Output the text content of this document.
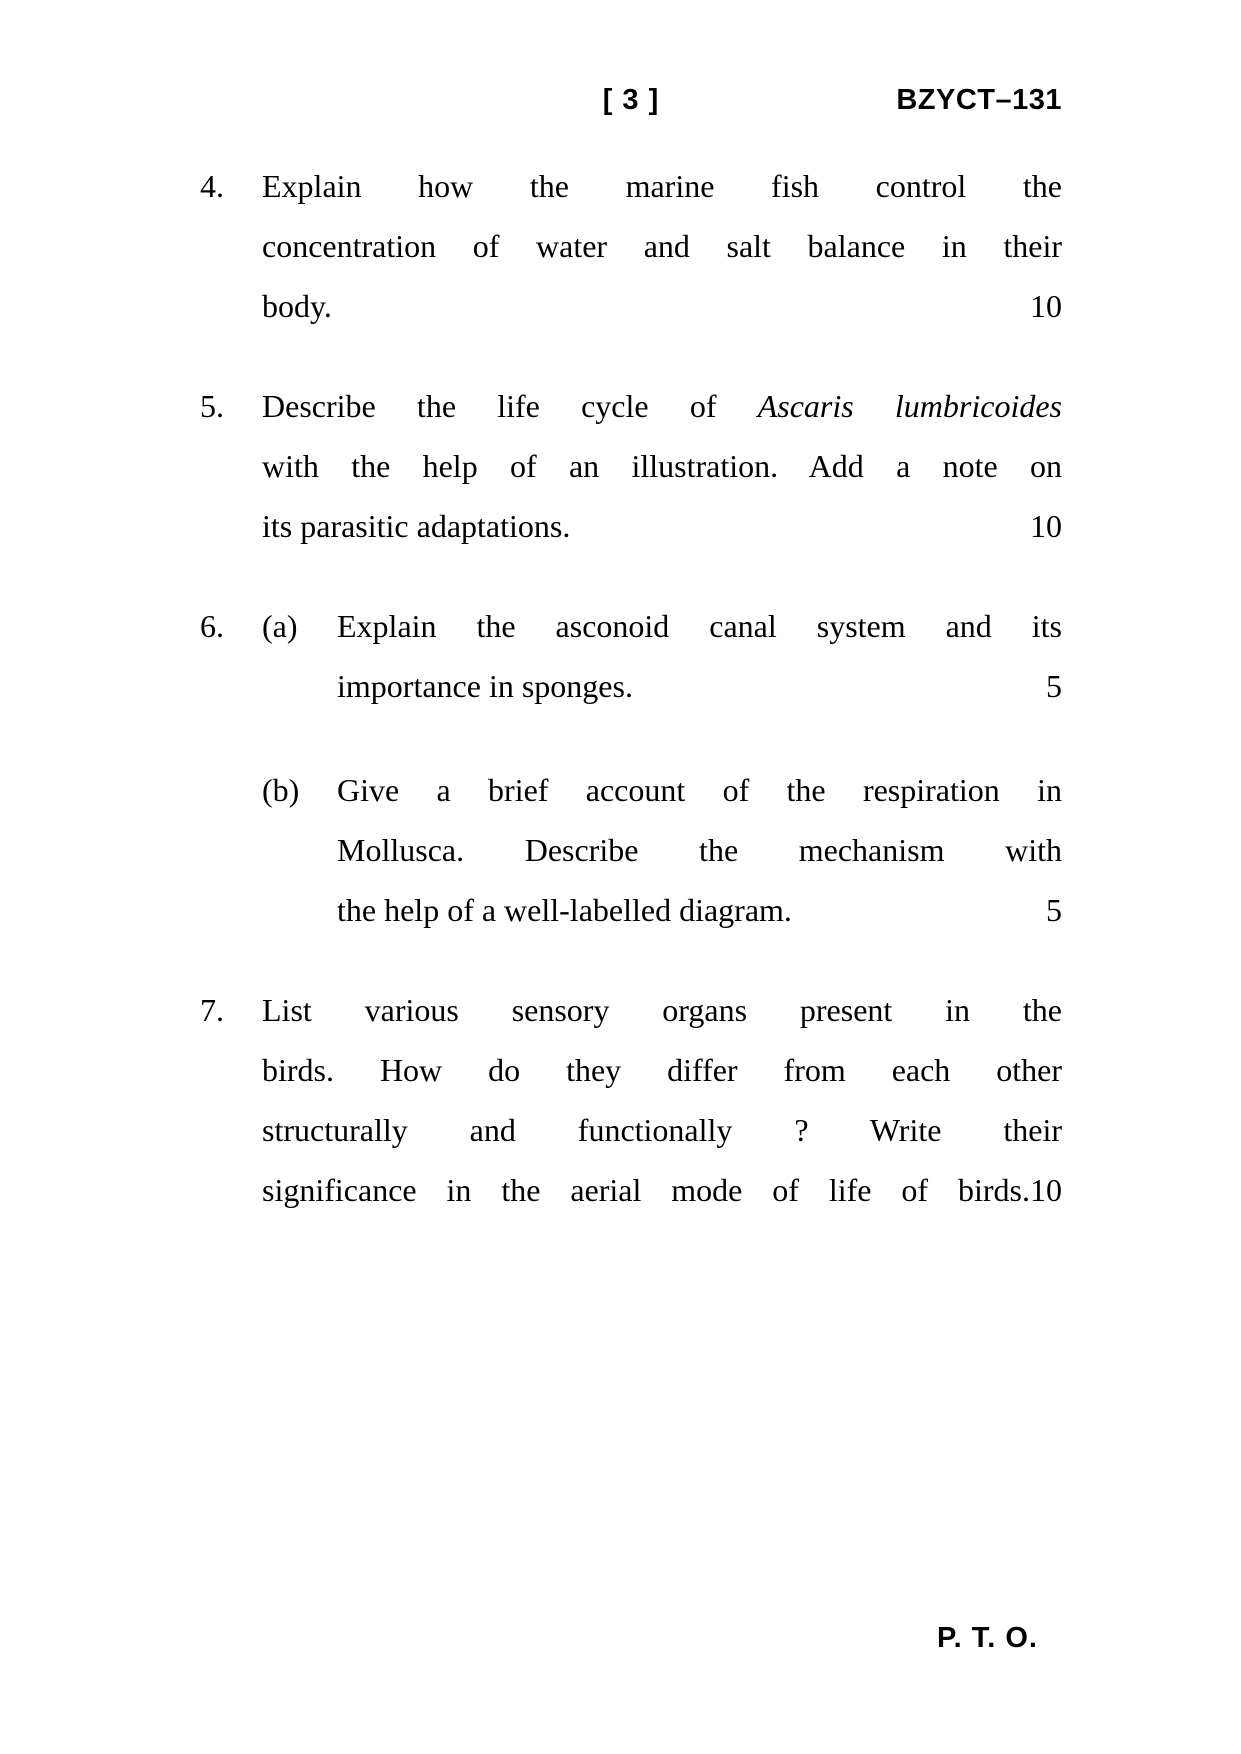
[ 3 ]	BZYCT–131
4.	Explain how the marine fish control the
concentration of water and salt balance in their
body.	10
5.	Describe the life cycle of Ascaris lumbricoides
with the help of an illustration. Add a note on
its parasitic adaptations.	10
6.	(a)	Explain the asconoid canal system and its
importance in sponges.	5
(b)	Give a brief account of the respiration in
Mollusca. Describe the mechanism with
the help of a well-labelled diagram.	5
7.	List various sensory organs present in the
birds. How do they differ from each other
structurally and functionally ? Write their
significance in the aerial mode of life of birds.10
P. T. O.
